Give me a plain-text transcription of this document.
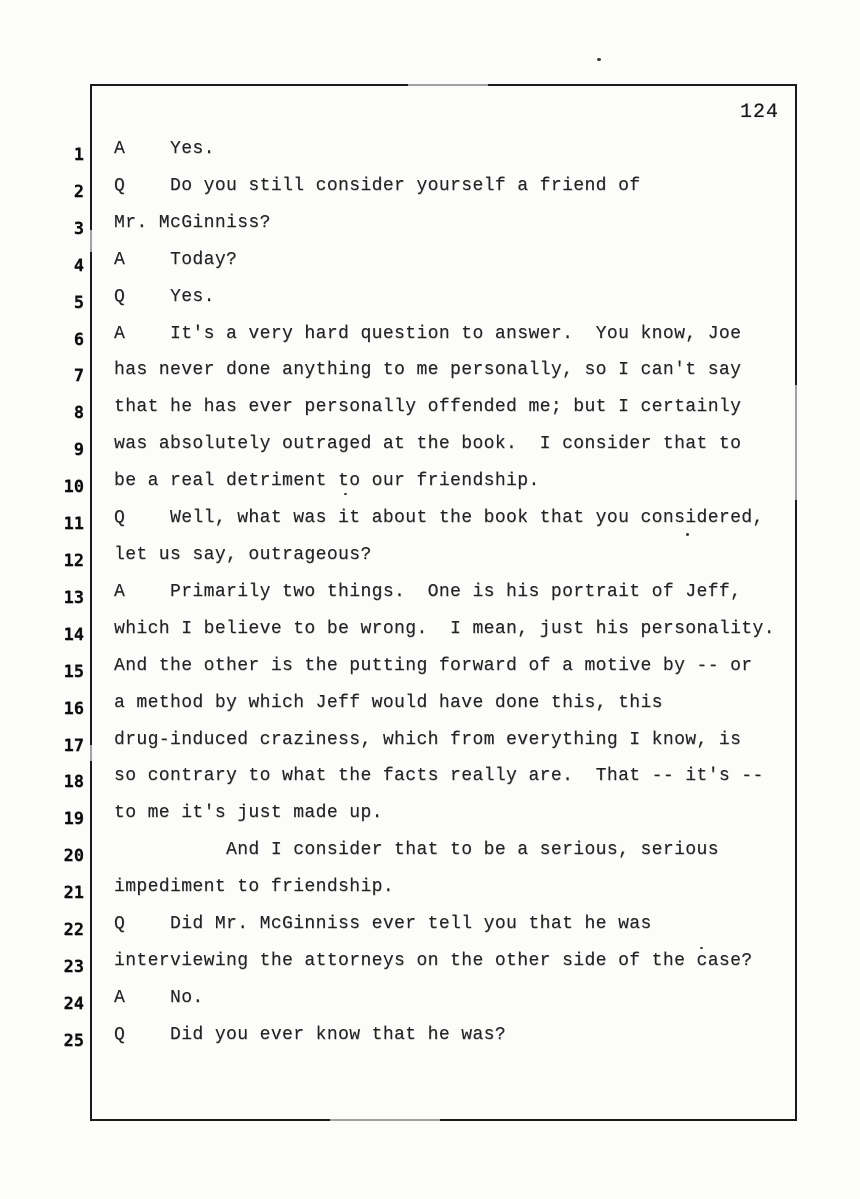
124
1
2
3
4
5
6
7
8
9
10
11
12
13
14
15
16
17
18
19
20
21
22
23
24
25
A    Yes.
Q    Do you still consider yourself a friend of
Mr. McGinniss?
A    Today?
Q    Yes.
A    It's a very hard question to answer.  You know, Joe
has never done anything to me personally, so I can't say
that he has ever personally offended me; but I certainly
was absolutely outraged at the book.  I consider that to
be a real detriment to our friendship.
Q    Well, what was it about the book that you considered,
let us say, outrageous?
A    Primarily two things.  One is his portrait of Jeff,
which I believe to be wrong.  I mean, just his personality.
And the other is the putting forward of a motive by -- or
a method by which Jeff would have done this, this
drug-induced craziness, which from everything I know, is
so contrary to what the facts really are.  That -- it's --
to me it's just made up.
And I consider that to be a serious, serious
impediment to friendship.
Q    Did Mr. McGinniss ever tell you that he was
interviewing the attorneys on the other side of the case?
A    No.
Q    Did you ever know that he was?
